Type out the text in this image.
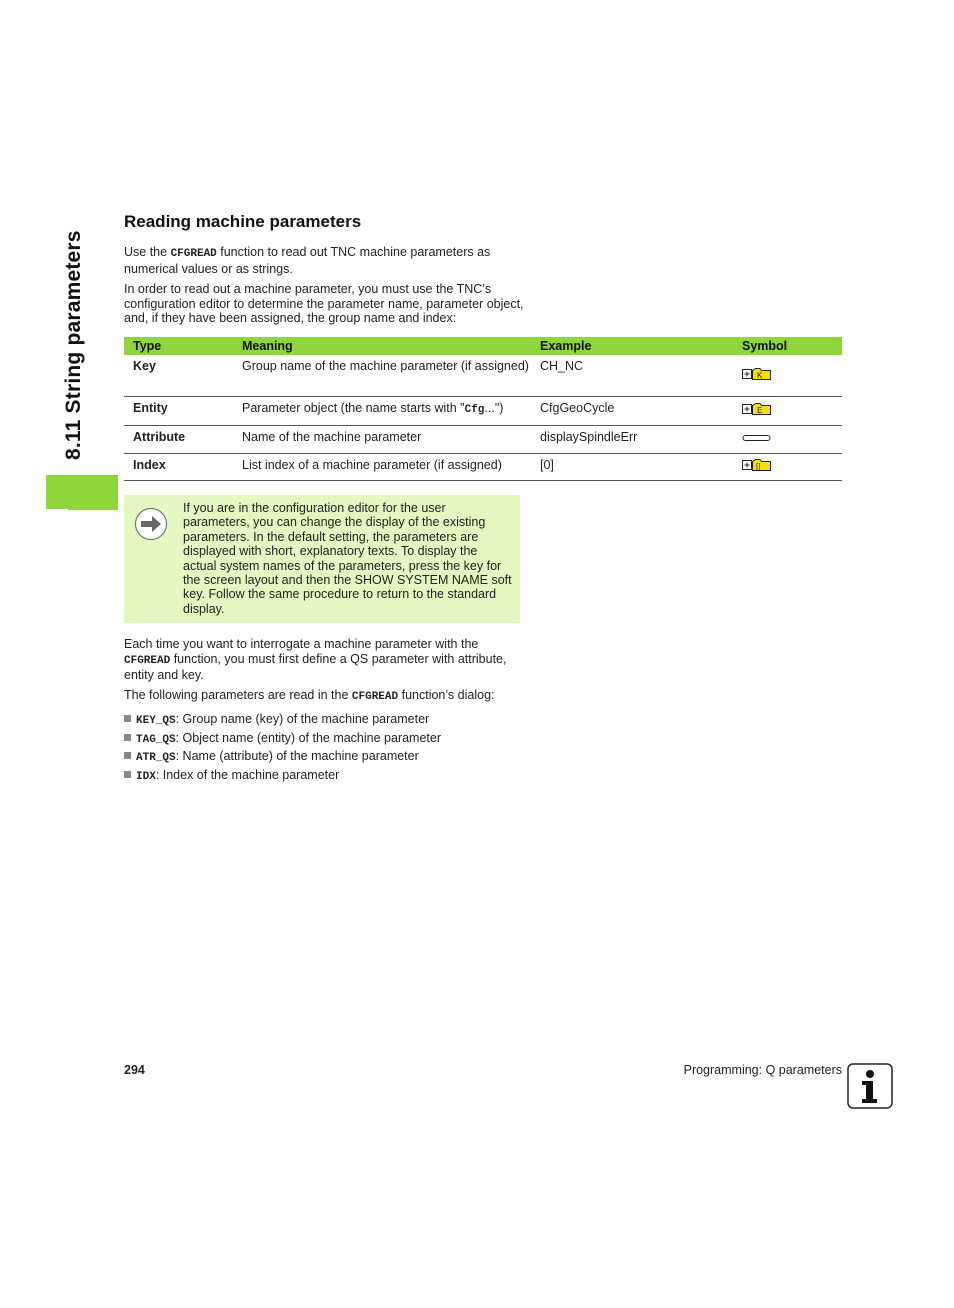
8.11 String parameters
Reading machine parameters

Use the CFGREAD function to read out TNC machine parameters as numerical values or as strings.

In order to read out a machine parameter, you must use the TNC’s configuration editor to determine the parameter name, parameter object, and, if they have been assigned, the group name and index:

Type	Meaning	Example	Symbol
Key	Group name of the machine parameter (if assigned)	CH_NC	K

Entity	Parameter object (the name starts with "Cfg...")	CfgGeoCycle	E

Attribute	Name of the machine parameter	displaySpindleErr	
Index	List index of a machine parameter (if assigned)	[0]	[]

If you are in the configuration editor for the user parameters, you can change the display of the existing parameters. In the default setting, the parameters are displayed with short, explanatory texts. To display the actual system names of the parameters, press the key for the screen layout and then the SHOW SYSTEM NAME soft key. Follow the same procedure to return to the standard display.

Each time you want to interrogate a machine parameter with the CFGREAD function, you must first define a QS parameter with attribute, entity and key.

The following parameters are read in the CFGREAD function’s dialog:

KEY_QS: Group name (key) of the machine parameter
TAG_QS: Object name (entity) of the machine parameter
ATR_QS: Name (attribute) of the machine parameter
IDX: Index of the machine parameter
294	Programming: Q parameters
